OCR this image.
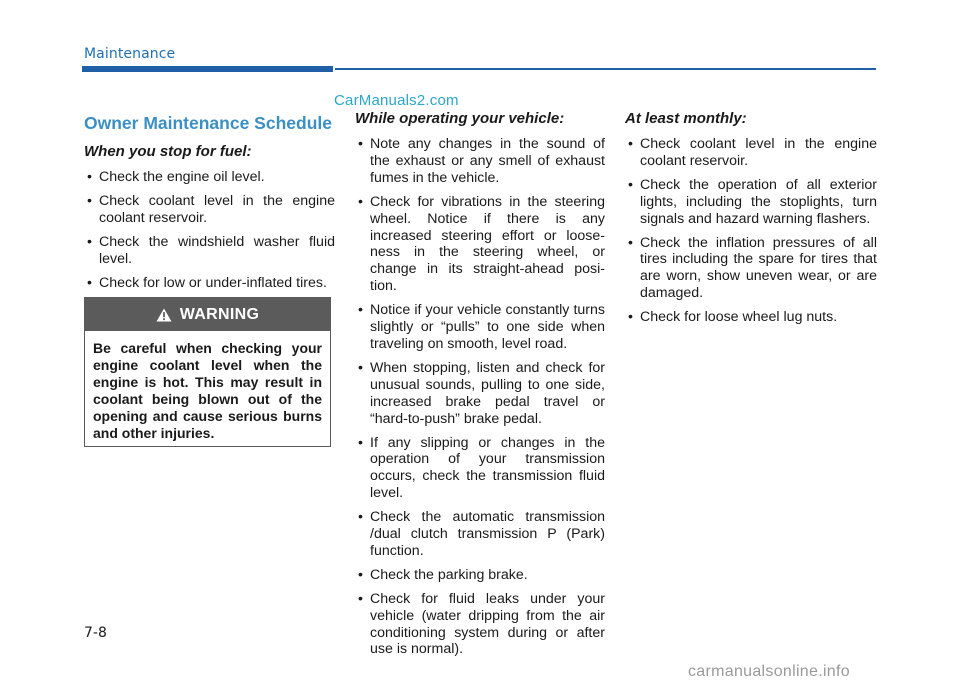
Maintenance
CarManuals2.com
Owner Maintenance Schedule
When you stop for fuel:
• Check the engine oil level.
• Check coolant level in the engine coolant reservoir.
• Check the windshield washer fluid level.
• Check for low or under-inflated tires.
WARNING
Be careful when checking your engine coolant level when the engine is hot. This may result in coolant being blown out of the opening and cause serious burns and other injuries.
While operating your vehicle:
• Note any changes in the sound of the exhaust or any smell of exhaust fumes in the vehicle.
• Check for vibrations in the steering wheel. Notice if there is any increased steering effort or loose-ness in the steering wheel, or change in its straight-ahead posi-tion.
• Notice if your vehicle constantly turns slightly or “pulls” to one side when traveling on smooth, level road.
• When stopping, listen and check for unusual sounds, pulling to one side, increased brake pedal travel or “hard-to-push” brake pedal.
• If any slipping or changes in the operation of your transmission occurs, check the transmission fluid level.
• Check the automatic transmission /dual clutch transmission P (Park) function.
• Check the parking brake.
• Check for fluid leaks under your vehicle (water dripping from the air conditioning system during or after use is normal).
At least monthly:
• Check coolant level in the engine coolant reservoir.
• Check the operation of all exterior lights, including the stoplights, turn signals and hazard warning flashers.
• Check the inflation pressures of all tires including the spare for tires that are worn, show uneven wear, or are damaged.
• Check for loose wheel lug nuts.
7-8
carmanualsonline.info
